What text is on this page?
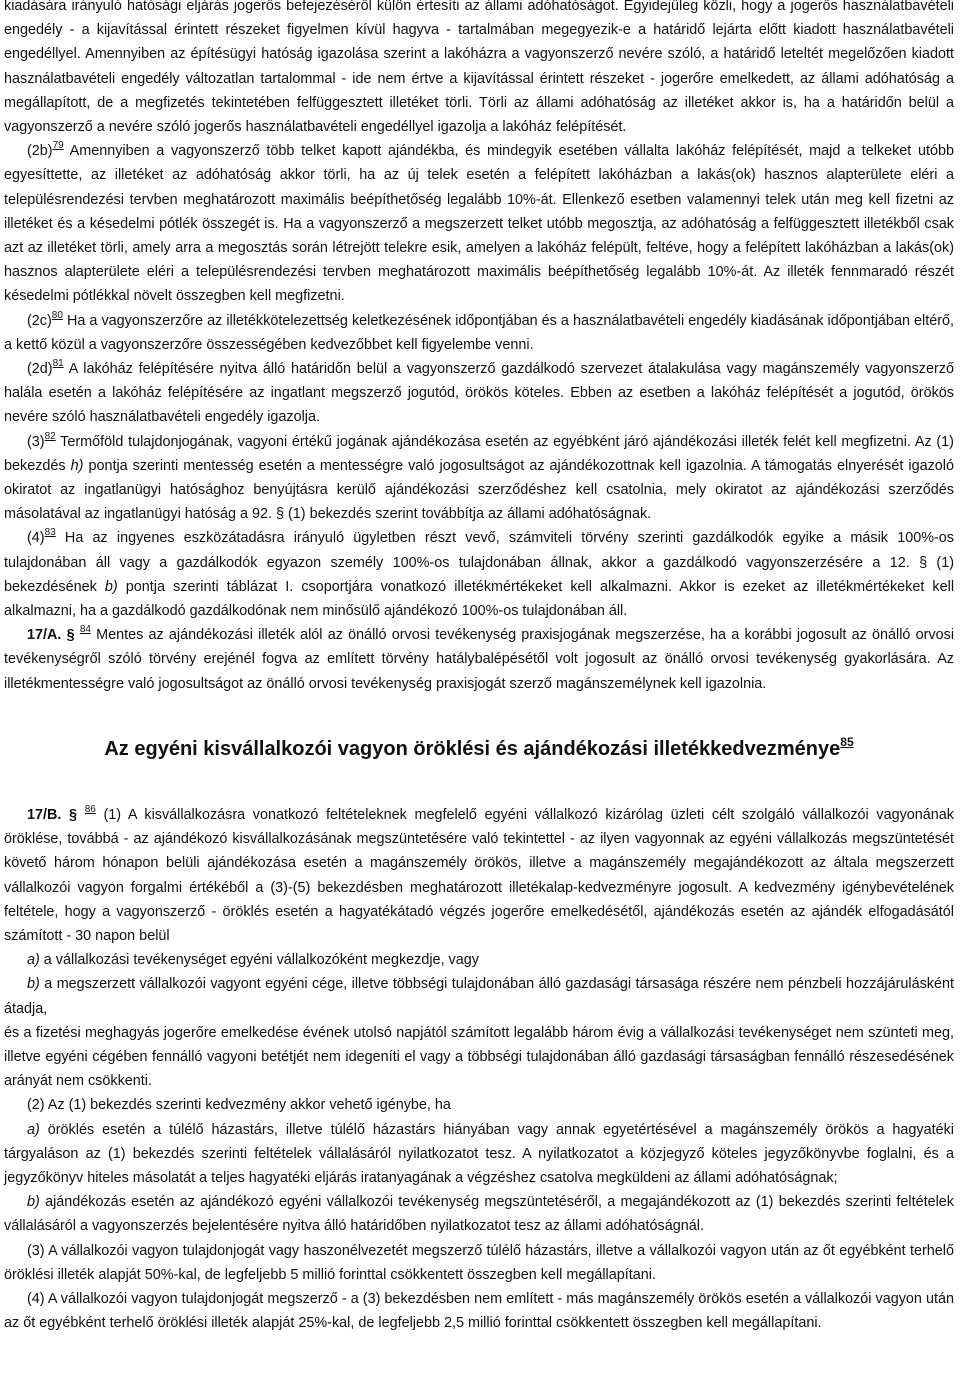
kiadására irányuló hatósági eljárás jogerős befejezéséről külön értesíti az állami adóhatóságot. Egyidejűleg közli, hogy a jogerős használatbavételi engedély - a kijavítással érintett részeket figyelmen kívül hagyva - tartalmában megegyezik-e a határidő lejárta előtt kiadott használatbavételi engedéllyel. Amennyiben az építésügyi hatóság igazolása szerint a lakóházra a vagyonszerző nevére szóló, a határidő leteltét megelőzően kiadott használatbavételi engedély változatlan tartalommal - ide nem értve a kijavítással érintett részeket - jogerőre emelkedett, az állami adóhatóság a megállapított, de a megfizetés tekintetében felfüggesztett illetéket törli. Törli az állami adóhatóság az illetéket akkor is, ha a határidőn belül a vagyonszerző a nevére szóló jogerős használatbavételi engedéllyel igazolja a lakóház felépítését.

(2b)$^{79}$ Amennyiben a vagyonszerző több telket kapott ajándékba, és mindegyik esetében vállalta lakóház felépítését, majd a telkeket utóbb egyesíttette, az illetéket az adóhatóság akkor törli, ha az új telek esetén a felépített lakóházban a lakás(ok) hasznos alapterülete eléri a településrendezési tervben meghatározott maximális beépíthetőség legalább 10%-át. Ellenkező esetben valamennyi telek után meg kell fizetni az illetéket és a késedelmi pótlék összegét is. Ha a vagyonszerző a megszerzett telket utóbb megosztja, az adóhatóság a felfüggesztett illetékből csak azt az illetéket törli, amely arra a megosztás során létrejött telekre esik, amelyen a lakóház felépült, feltéve, hogy a felépített lakóházban a lakás(ok) hasznos alapterülete eléri a településrendezési tervben meghatározott maximális beépíthetőség legalább 10%-át. Az illeték fennmaradó részét késedelmi pótlékkal növelt összegben kell megfizetni.

(2c)$^{80}$ Ha a vagyonszerzőre az illetékkötelezettség keletkezésének időpontjában és a használatbavételi engedély kiadásának időpontjában eltérő, a kettő közül a vagyonszerzőre összességében kedvezőbbet kell figyelembe venni.

(2d)$^{81}$ A lakóház felépítésére nyitva álló határidőn belül a vagyonszerző gazdálkodó szervezet átalakulása vagy magánszemély vagyonszerző halála esetén a lakóház felépítésére az ingatlant megszerző jogutód, örökös köteles. Ebben az esetben a lakóház felépítését a jogutód, örökös nevére szóló használatbavételi engedély igazolja.

(3)$^{82}$ Termőföld tulajdonjogának, vagyoni értékű jogának ajándékozása esetén az egyébként járó ajándékozási illeték felét kell megfizetni. Az (1) bekezdés h) pontja szerinti mentesség esetén a mentességre való jogosultságot az ajándékozottnak kell igazolnia. A támogatás elnyerését igazoló okiratot az ingatlanügyi hatósághoz benyújtásra kerülő ajándékozási szerződéshez kell csatolnia, mely okiratot az ajándékozási szerződés másolatával az ingatlanügyi hatóság a 92. § (1) bekezdés szerint továbbítja az állami adóhatóságnak.

(4)$^{83}$ Ha az ingyenes eszközátadásra irányuló ügyletben részt vevő, számviteli törvény szerinti gazdálkodók egyike a másik 100%-os tulajdonában áll vagy a gazdálkodók egyazon személy 100%-os tulajdonában állnak, akkor a gazdálkodó vagyonszerzésére a 12. § (1) bekezdésének b) pontja szerinti táblázat I. csoportjára vonatkozó illetékmértékeket kell alkalmazni. Akkor is ezeket az illetékmértékeket kell alkalmazni, ha a gazdálkodó gazdálkodónak nem minősülő ajándékozó 100%-os tulajdonában áll.

17/A. § $^{84}$ Mentes az ajándékozási illeték alól az önálló orvosi tevékenység praxisjogának megszerzése, ha a korábbi jogosult az önálló orvosi tevékenységről szóló törvény erejénél fogva az említett törvény hatálybalépésétől volt jogosult az önálló orvosi tevékenység gyakorlására. Az illetékmentességre való jogosultságot az önálló orvosi tevékenység praxisjogát szerző magánszemélynek kell igazolnia.

Az egyéni kisvállalkozói vagyon öröklési és ajándékozási illetékkedvezménye$^{85}$

17/B. § $^{86}$ (1) A kisvállalkozásra vonatkozó feltételeknek megfelelő egyéni vállalkozó kizárólag üzleti célt szolgáló vállalkozói vagyonának öröklése, továbbá - az ajándékozó kisvállalkozásának megszüntetésére való tekintettel - az ilyen vagyonnak az egyéni vállalkozás megszüntetését követő három hónapon belüli ajándékozása esetén a magánszemély örökös, illetve a magánszemély megajándékozott az általa megszerzett vállalkozói vagyon forgalmi értékéből a (3)-(5) bekezdésben meghatározott illetékalap-kedvezményre jogosult. A kedvezmény igénybevételének feltétele, hogy a vagyonszerző - öröklés esetén a hagyatékátadó végzés jogerőre emelkedésétől, ajándékozás esetén az ajándék elfogadásától számított - 30 napon belül

a) a vállalkozási tevékenységet egyéni vállalkozóként megkezdje, vagy

b) a megszerzett vállalkozói vagyont egyéni cége, illetve többségi tulajdonában álló gazdasági társasága részére nem pénzbeli hozzájárulásként átadja,

és a fizetési meghagyás jogerőre emelkedése évének utolsó napjától számított legalább három évig a vállalkozási tevékenységet nem szünteti meg, illetve egyéni cégében fennálló vagyoni betétjét nem idegeníti el vagy a többségi tulajdonában álló gazdasági társaságban fennálló részesedésének arányát nem csökkenti.

(2) Az (1) bekezdés szerinti kedvezmény akkor vehető igénybe, ha

a) öröklés esetén a túlélő házastárs, illetve túlélő házastárs hiányában vagy annak egyetértésével a magánszemély örökös a hagyatéki tárgyaláson az (1) bekezdés szerinti feltételek vállalásáról nyilatkozatot tesz. A nyilatkozatot a közjegyző köteles jegyzőkönyvbe foglalni, és a jegyzőkönyv hiteles másolatát a teljes hagyatéki eljárás iratanyagának a végzéshez csatolva megküldeni az állami adóhatóságnak;

b) ajándékozás esetén az ajándékozó egyéni vállalkozói tevékenység megszüntetéséről, a megajándékozott az (1) bekezdés szerinti feltételek vállalásáról a vagyonszerzés bejelentésére nyitva álló határidőben nyilatkozatot tesz az állami adóhatóságnál.

(3) A vállalkozói vagyon tulajdonjogát vagy haszonélvezetét megszerző túlélő házastárs, illetve a vállalkozói vagyon után az őt egyébként terhelő öröklési illeték alapját 50%-kal, de legfeljebb 5 millió forinttal csökkentett összegben kell megállapítani.

(4) A vállalkozói vagyon tulajdonjogát megszerző - a (3) bekezdésben nem említett - más magánszemély örökös esetén a vállalkozói vagyon után az őt egyébként terhelő öröklési illeték alapját 25%-kal, de legfeljebb 2,5 millió forinttal csökkentett összegben kell megállapítani.
